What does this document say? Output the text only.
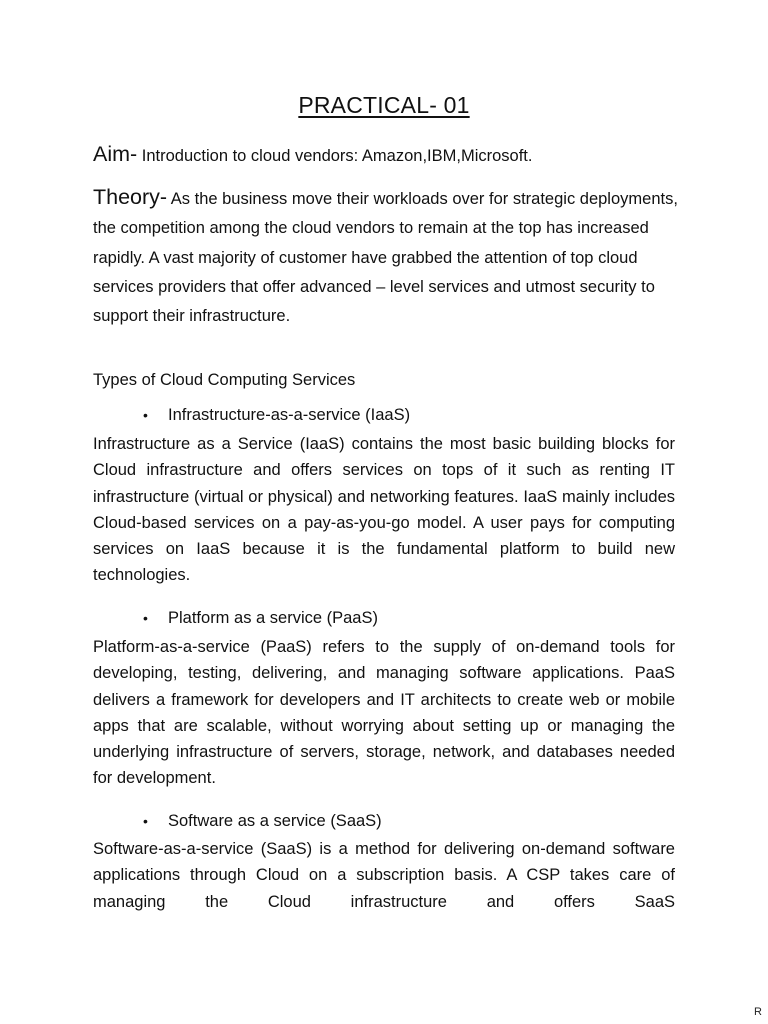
PRACTICAL- 01
Aim- Introduction to cloud vendors: Amazon,IBM,Microsoft.
Theory- As the business move their workloads over for strategic deployments, the competition among the cloud vendors to remain at the top has increased rapidly. A vast majority of customer have grabbed the attention of top cloud services providers that offer advanced – level services and utmost security to support their infrastructure.
Types of Cloud Computing Services
• Infrastructure-as-a-service (IaaS)
Infrastructure as a Service (IaaS) contains the most basic building blocks for Cloud infrastructure and offers services on tops of it such as renting IT infrastructure (virtual or physical) and networking features. IaaS mainly includes Cloud-based services on a pay-as-you-go model. A user pays for computing services on IaaS because it is the fundamental platform to build new technologies.
• Platform as a service (PaaS)
Platform-as-a-service (PaaS) refers to the supply of on-demand tools for developing, testing, delivering, and managing software applications. PaaS delivers a framework for developers and IT architects to create web or mobile apps that are scalable, without worrying about setting up or managing the underlying infrastructure of servers, storage, network, and databases needed for development.
• Software as a service (SaaS)
Software-as-a-service (SaaS) is a method for delivering on-demand software applications through Cloud on a subscription basis. A CSP takes care of managing the Cloud infrastructure and offers SaaS
R
